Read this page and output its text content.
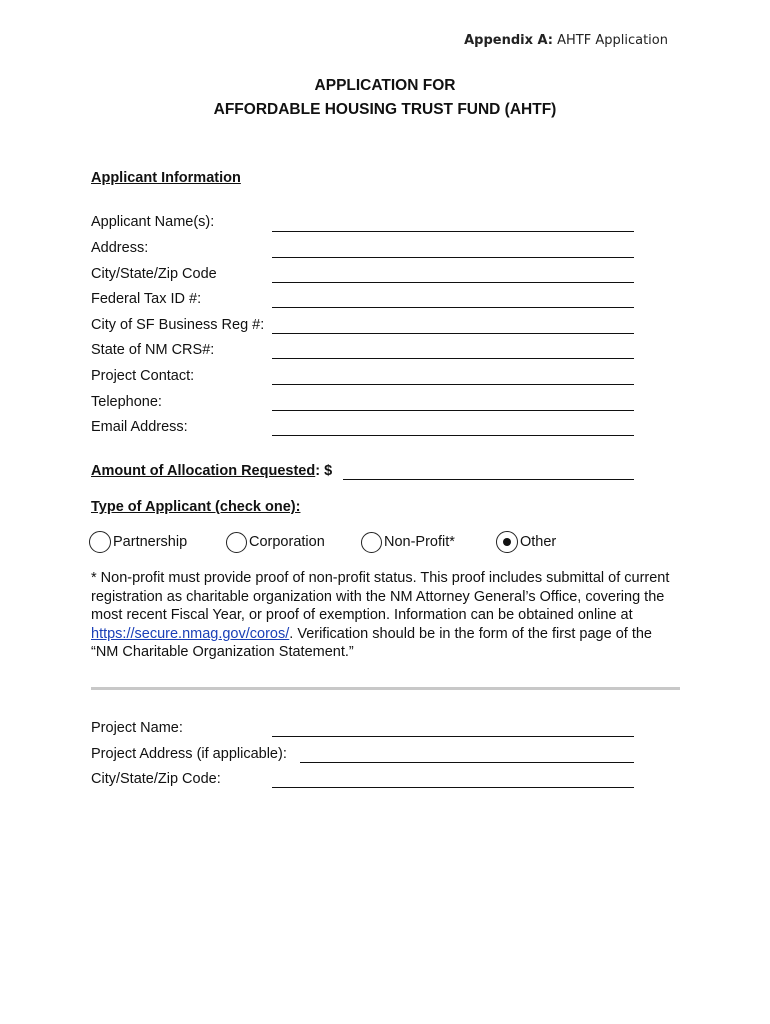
Appendix A: AHTF Application
APPLICATION FOR
AFFORDABLE HOUSING TRUST FUND (AHTF)
Applicant Information
Applicant Name(s):
Address:
City/State/Zip Code
Federal Tax ID #:
City of SF Business Reg #:
State of NM CRS#:
Project Contact:
Telephone:
Email Address:
Amount of Allocation Requested: $
Type of Applicant (check one):
Partnership	Corporation	Non-Profit*	Other
* Non-profit must provide proof of non-profit status. This proof includes submittal of current registration as charitable organization with the NM Attorney General’s Office, covering the most recent Fiscal Year, or proof of exemption. Information can be obtained online at https://secure.nmag.gov/coros/. Verification should be in the form of the first page of the “NM Charitable Organization Statement.”
Project Name:
Project Address (if applicable):
City/State/Zip Code:
